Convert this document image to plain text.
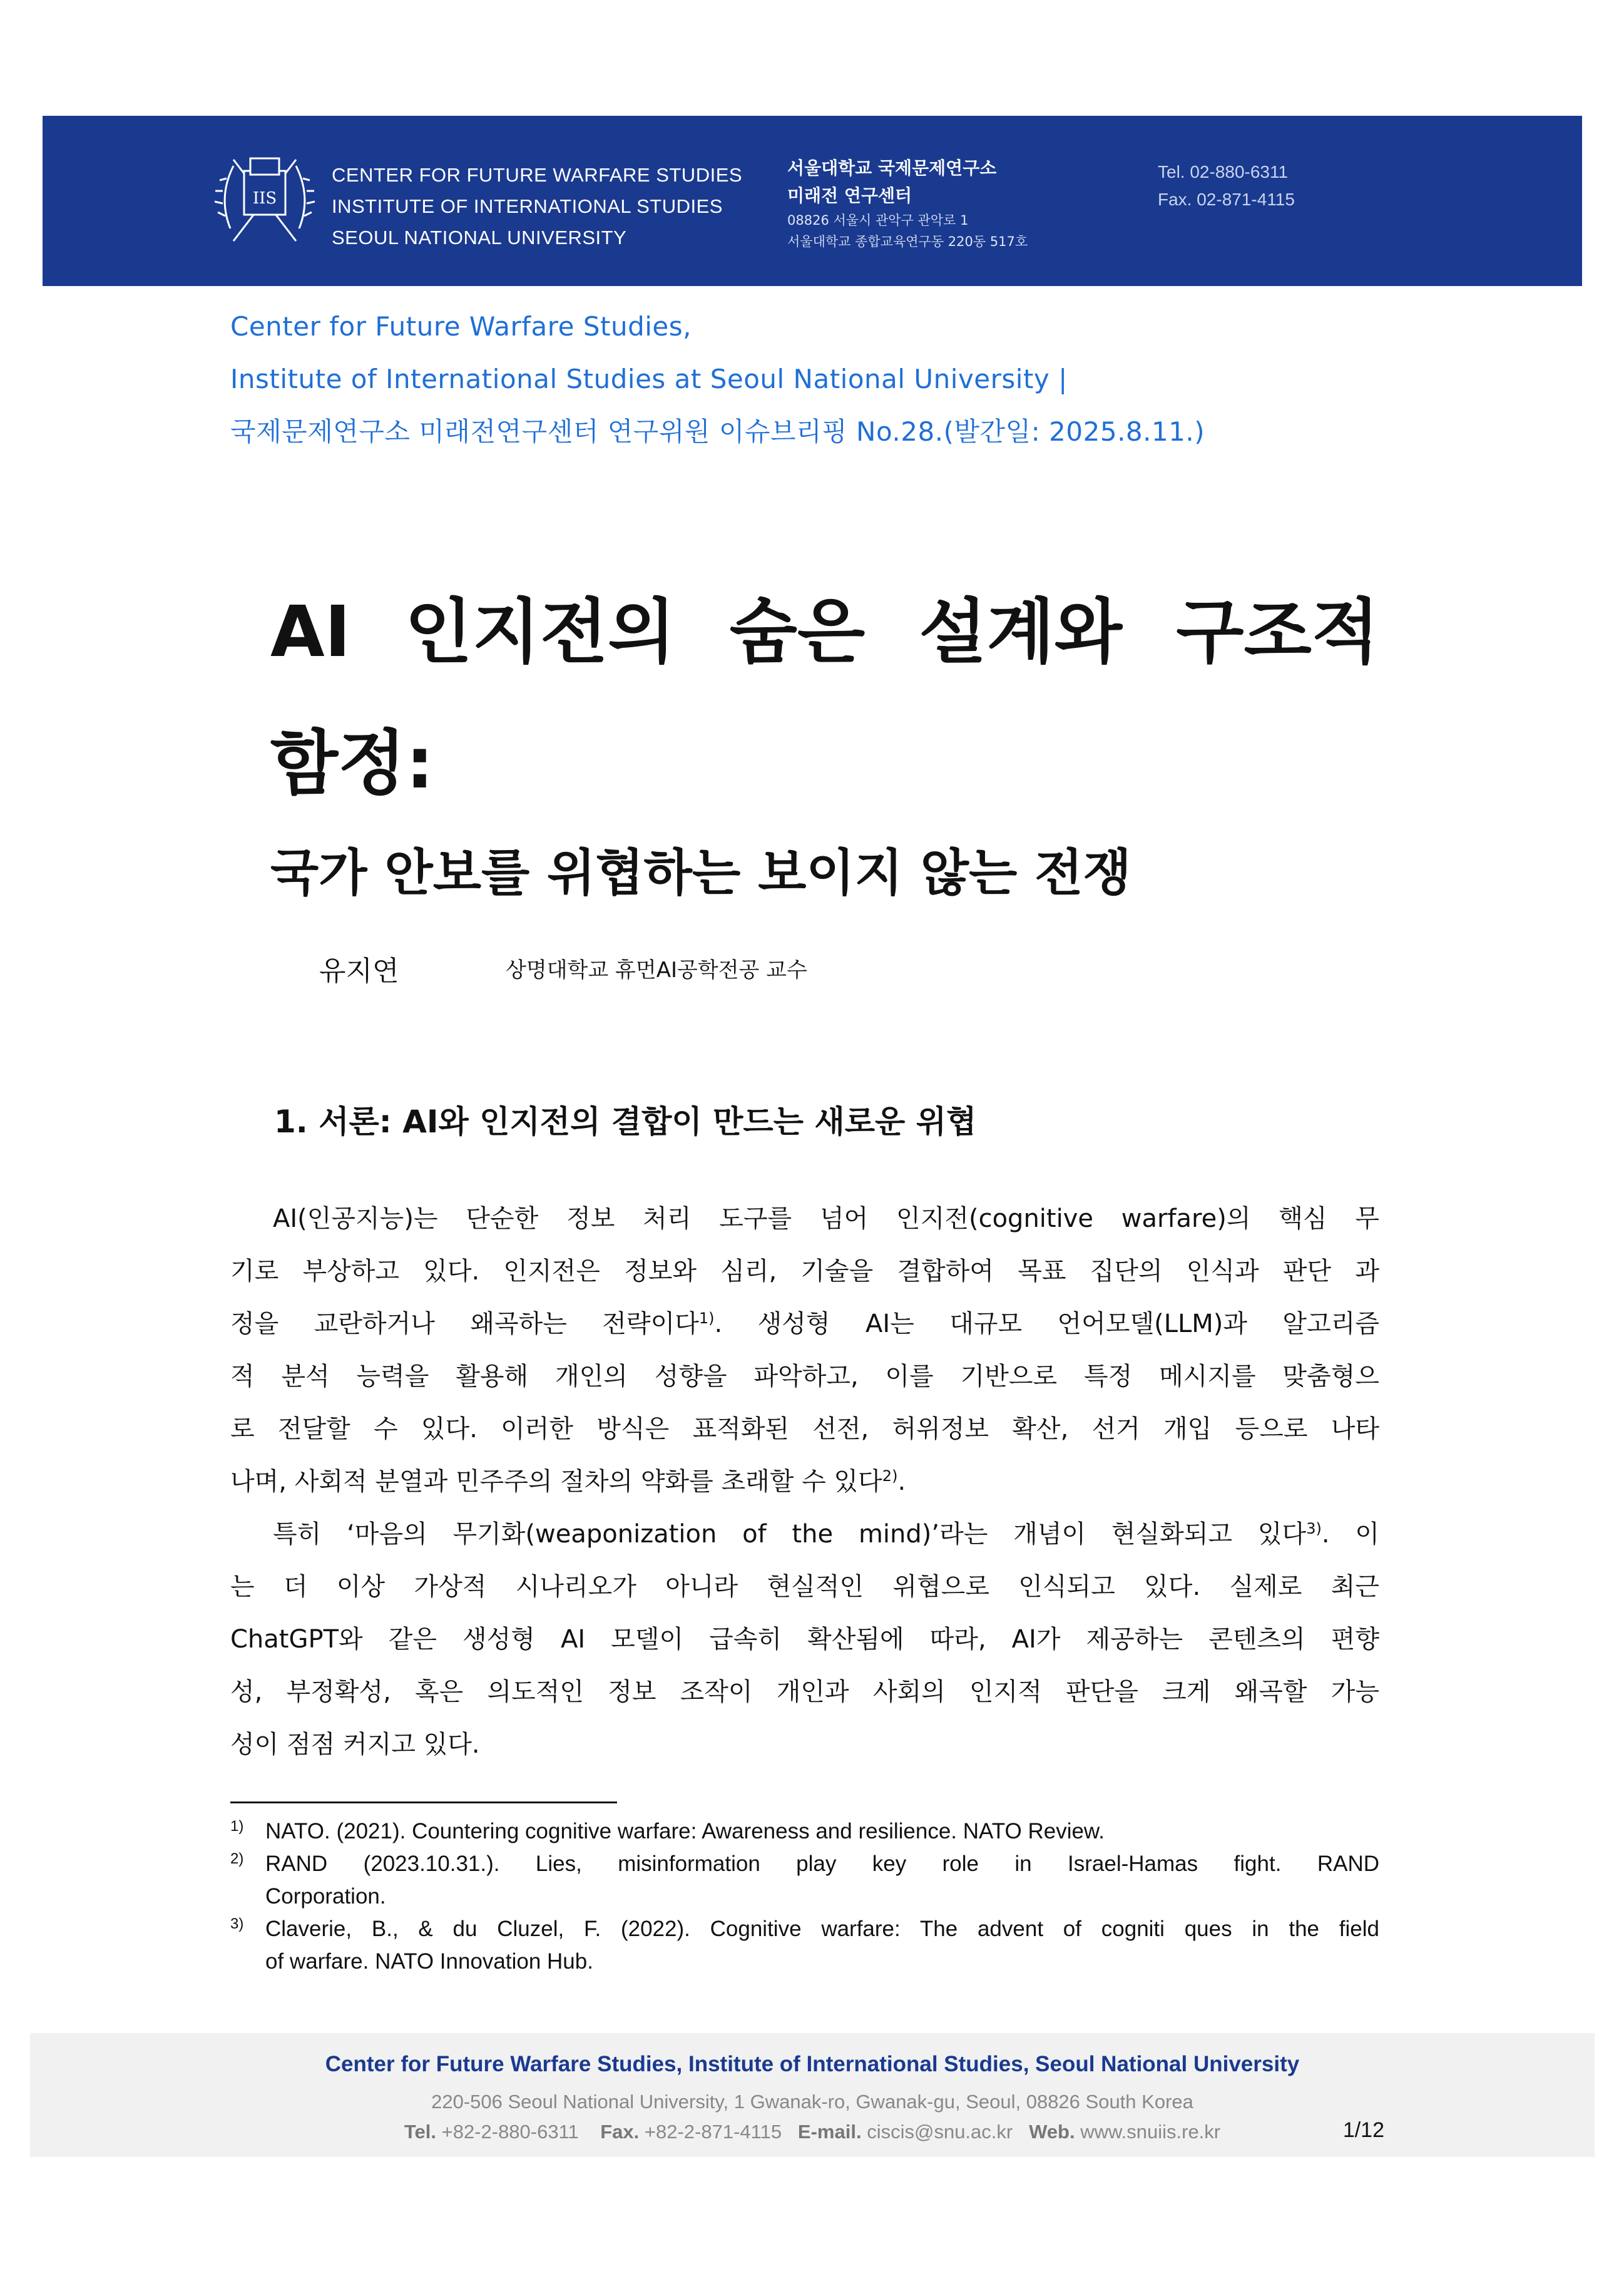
IIS
CENTER FOR FUTURE WARFARE STUDIES
INSTITUTE OF INTERNATIONAL STUDIES
SEOUL NATIONAL UNIVERSITY
서울대학교 국제문제연구소
미래전 연구센터
08826 서울시 관악구 관악로 1
서울대학교 종합교육연구동 220동 517호
Tel. 02-880-6311
Fax. 02-871-4115
Center for Future Warfare Studies,
Institute of International Studies at Seoul National University |
국제문제연구소 미래전연구센터 연구위원 이슈브리핑 No.28.(발간일: 2025.8.11.)
AI 인지전의 숨은 설계와 구조적
함정:
국가 안보를 위협하는 보이지 않는 전쟁
유지연	상명대학교 휴먼AI공학전공 교수
1. 서론: AI와 인지전의 결합이 만드는 새로운 위협
AI(인공지능)는 단순한 정보 처리 도구를 넘어 인지전(cognitive warfare)의 핵심 무
기로 부상하고 있다. 인지전은 정보와 심리, 기술을 결합하여 목표 집단의 인식과 판단 과
정을 교란하거나 왜곡하는 전략이다$^{1)}$. 생성형 AI는 대규모 언어모델(LLM)과 알고리즘
적 분석 능력을 활용해 개인의 성향을 파악하고, 이를 기반으로 특정 메시지를 맞춤형으
로 전달할 수 있다. 이러한 방식은 표적화된 선전, 허위정보 확산, 선거 개입 등으로 나타
나며, 사회적 분열과 민주주의 절차의 약화를 초래할 수 있다$^{2)}$.
특히 ‘마음의 무기화(weaponization of the mind)’라는 개념이 현실화되고 있다$^{3)}$. 이
는 더 이상 가상적 시나리오가 아니라 현실적인 위협으로 인식되고 있다. 실제로 최근
ChatGPT와 같은 생성형 AI 모델이 급속히 확산됨에 따라, AI가 제공하는 콘텐츠의 편향
성, 부정확성, 혹은 의도적인 정보 조작이 개인과 사회의 인지적 판단을 크게 왜곡할 가능
성이 점점 커지고 있다.
1) NATO. (2021). Countering cognitive warfare: Awareness and resilience. NATO Review.
2) RAND (2023.10.31.). Lies, misinformation play key role in Israel-Hamas fight. RAND
Corporation.
3) Claverie, B., & du Cluzel, F. (2022). Cognitive warfare: The advent of cogniti ques in the field
of warfare. NATO Innovation Hub.
Center for Future Warfare Studies, Institute of International Studies, Seoul National University
220-506 Seoul National University, 1 Gwanak-ro, Gwanak-gu, Seoul, 08826 South Korea
Tel. +82-2-880-6311 Fax. +82-2-871-4115 E-mail. ciscis@snu.ac.kr Web. www.snuiis.re.kr	1/12
